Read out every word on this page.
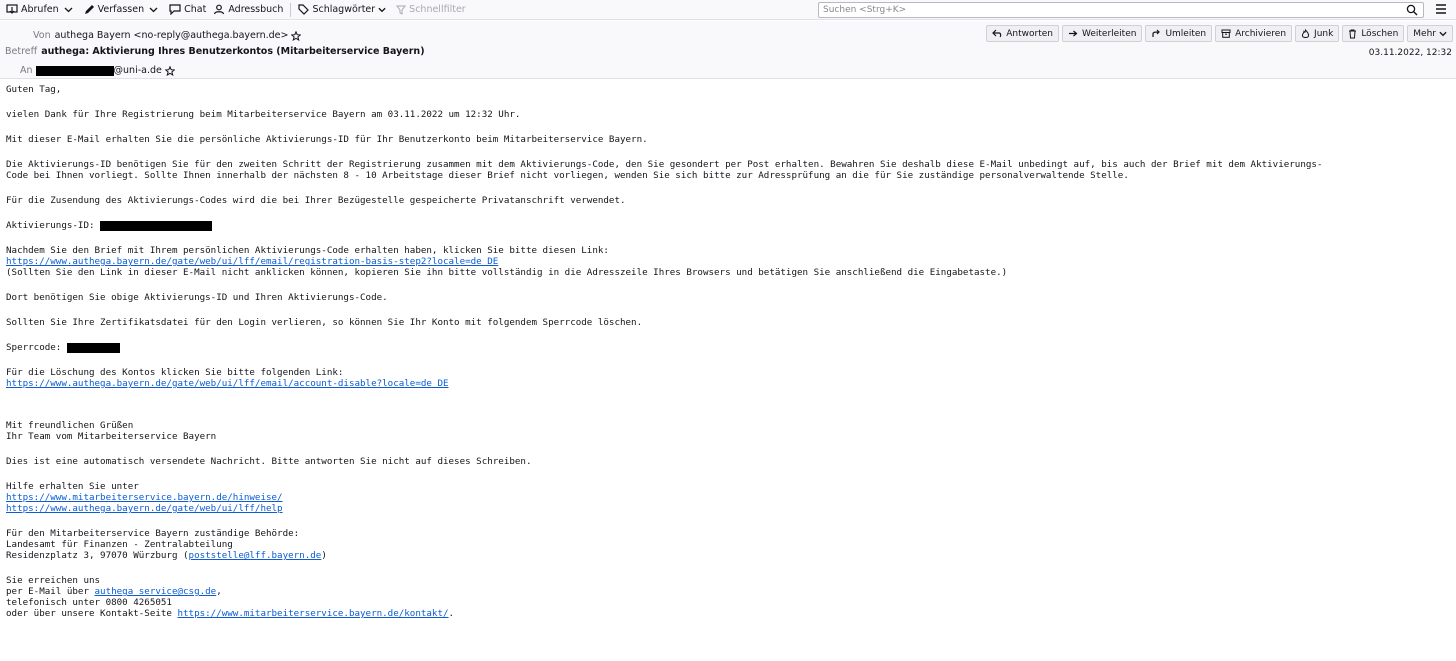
Abrufen	Verfassen	Chat Adressbuch	Schlagwörter	Schnellfilter	Suchen <Strg+K>
Von authega Bayern <no-reply@authega.bayern.de>
Betreff authega: Aktivierung Ihres Benutzerkontos (Mitarbeiterservice Bayern)
An	@uni-a.de
Antworten	Weiterleiten	Umleiten	Archivieren	Junk	Löschen Mehr
03.11.2022, 12:32

Guten Tag,

vielen Dank für Ihre Registrierung beim Mitarbeiterservice Bayern am 03.11.2022 um 12:32 Uhr.

Mit dieser E-Mail erhalten Sie die persönliche Aktivierungs-ID für Ihr Benutzerkonto beim Mitarbeiterservice Bayern.

Die Aktivierungs-ID benötigen Sie für den zweiten Schritt der Registrierung zusammen mit dem Aktivierungs-Code, den Sie gesondert per Post erhalten. Bewahren Sie deshalb diese E-Mail unbedingt auf, bis auch der Brief mit dem Aktivierungs-
Code bei Ihnen vorliegt. Sollte Ihnen innerhalb der nächsten 8 - 10 Arbeitstage dieser Brief nicht vorliegen, wenden Sie sich bitte zur Adressprüfung an die für Sie zuständige personalverwaltende Stelle.

Für die Zusendung des Aktivierungs-Codes wird die bei Ihrer Bezügestelle gespeicherte Privatanschrift verwendet.

Aktivierungs-ID:

Nachdem Sie den Brief mit Ihrem persönlichen Aktivierungs-Code erhalten haben, klicken Sie bitte diesen Link:
https://www.authega.bayern.de/gate/web/ui/lff/email/registration-basis-step2?locale=de_DE
(Sollten Sie den Link in dieser E-Mail nicht anklicken können, kopieren Sie ihn bitte vollständig in die Adresszeile Ihres Browsers und betätigen Sie anschließend die Eingabetaste.)

Dort benötigen Sie obige Aktivierungs-ID und Ihren Aktivierungs-Code.

Sollten Sie Ihre Zertifikatsdatei für den Login verlieren, so können Sie Ihr Konto mit folgendem Sperrcode löschen.

Sperrcode:

Für die Löschung des Kontos klicken Sie bitte folgenden Link:
https://www.authega.bayern.de/gate/web/ui/lff/email/account-disable?locale=de_DE

Mit freundlichen Grüßen
Ihr Team vom Mitarbeiterservice Bayern

Dies ist eine automatisch versendete Nachricht. Bitte antworten Sie nicht auf dieses Schreiben.

Hilfe erhalten Sie unter
https://www.mitarbeiterservice.bayern.de/hinweise/
https://www.authega.bayern.de/gate/web/ui/lff/help

Für den Mitarbeiterservice Bayern zuständige Behörde:
Landesamt für Finanzen - Zentralabteilung
Residenzplatz 3, 97070 Würzburg (poststelle@lff.bayern.de)

Sie erreichen uns
per E-Mail über authega_service@csg.de,
telefonisch unter 0800 4265051
oder über unsere Kontakt-Seite https://www.mitarbeiterservice.bayern.de/kontakt/.
